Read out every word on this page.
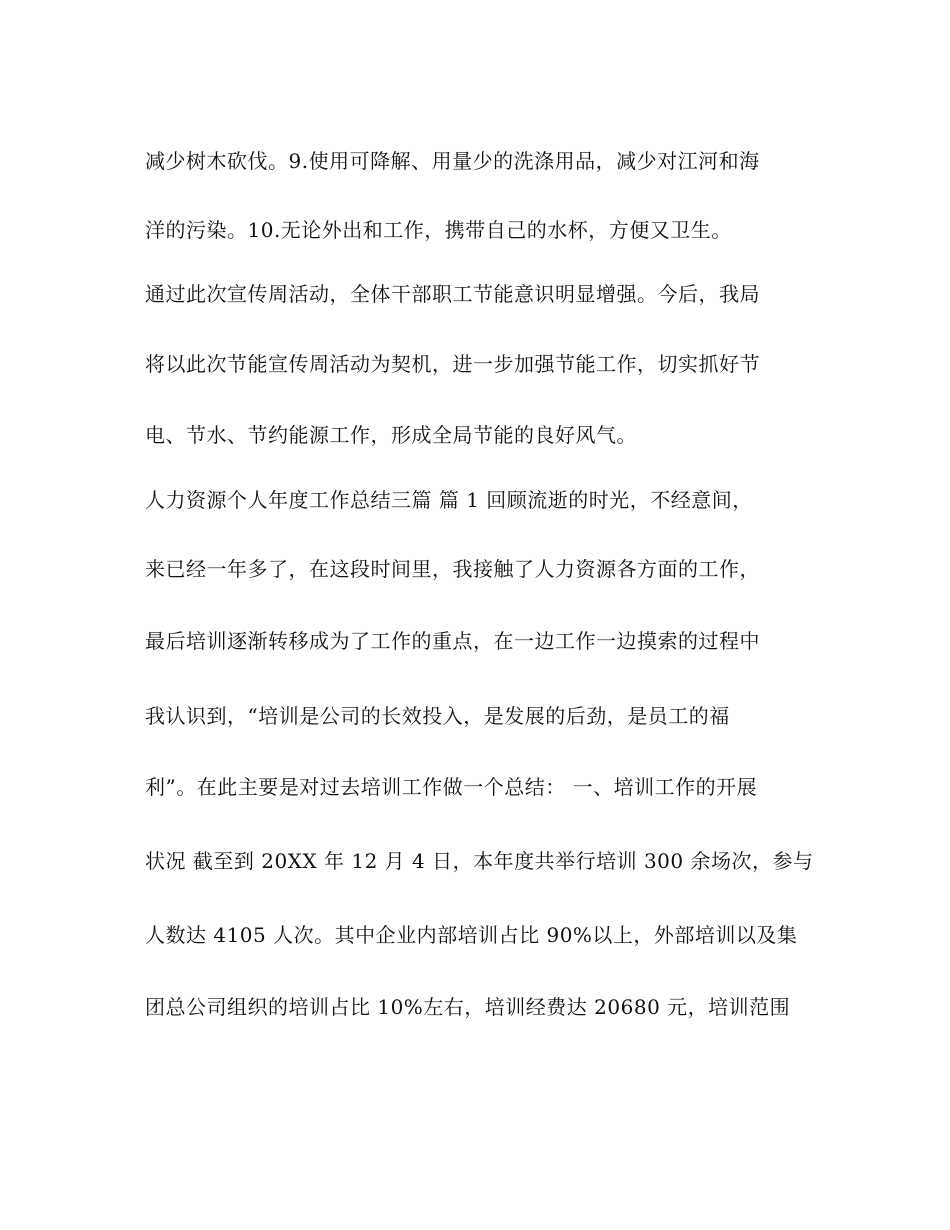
减少树木砍伐。9.使用可降解、用量少的洗涤用品，减少对江河和海
洋的污染。10.无论外出和工作，携带自己的水杯，方便又卫生。
通过此次宣传周活动，全体干部职工节能意识明显增强。今后，我局
将以此次节能宣传周活动为契机，进一步加强节能工作，切实抓好节
电、节水、节约能源工作，形成全局节能的良好风气。
人力资源个人年度工作总结三篇 篇 1 回顾流逝的时光，不经意间，
来已经一年多了，在这段时间里，我接触了人力资源各方面的工作，
最后培训逐渐转移成为了工作的重点，在一边工作一边摸索的过程中
我认识到，“培训是公司的长效投入，是发展的后劲，是员工的福
利”。在此主要是对过去培训工作做一个总结： 一、培训工作的开展
状况 截至到 20XX 年 12 月 4 日，本年度共举行培训 300 余场次，参与
人数达 4105 人次。其中企业内部培训占比 90%以上，外部培训以及集
团总公司组织的培训占比 10%左右，培训经费达 20680 元，培训范围
